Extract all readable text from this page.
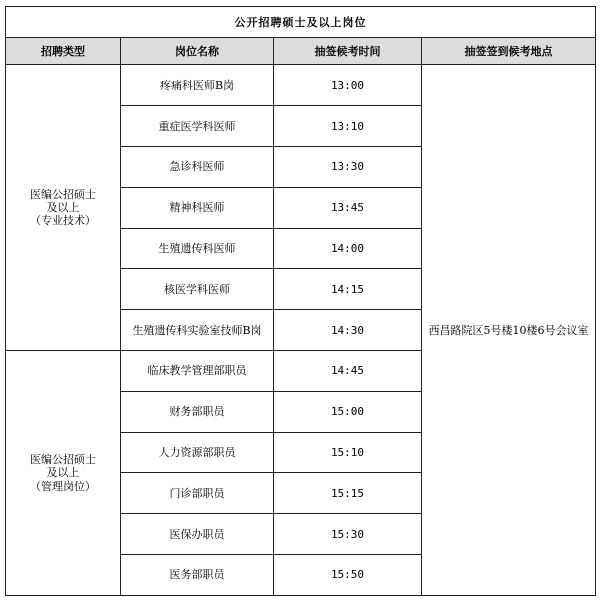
公开招聘硕士及以上岗位			
招聘类型	岗位名称	抽签候考时间	抽签签到候考地点

医编公招硕士
及以上
（专业技术）	疼痛科医师B岗	13:00	西昌路院区5号楼10楼6号会议室
	重症医学科医师	13:10	
	急诊科医师	13:30	
	精神科医师	13:45	
	生殖遗传科医师	14:00	
	核医学科医师	14:15	
	生殖遗传科实验室技师B岗	14:30	

医编公招硕士
及以上
（管理岗位）	临床教学管理部职员	14:45	
	财务部职员	15:00	
	人力资源部职员	15:10	
	门诊部职员	15:15	
	医保办职员	15:30	
	医务部职员	15:50	
